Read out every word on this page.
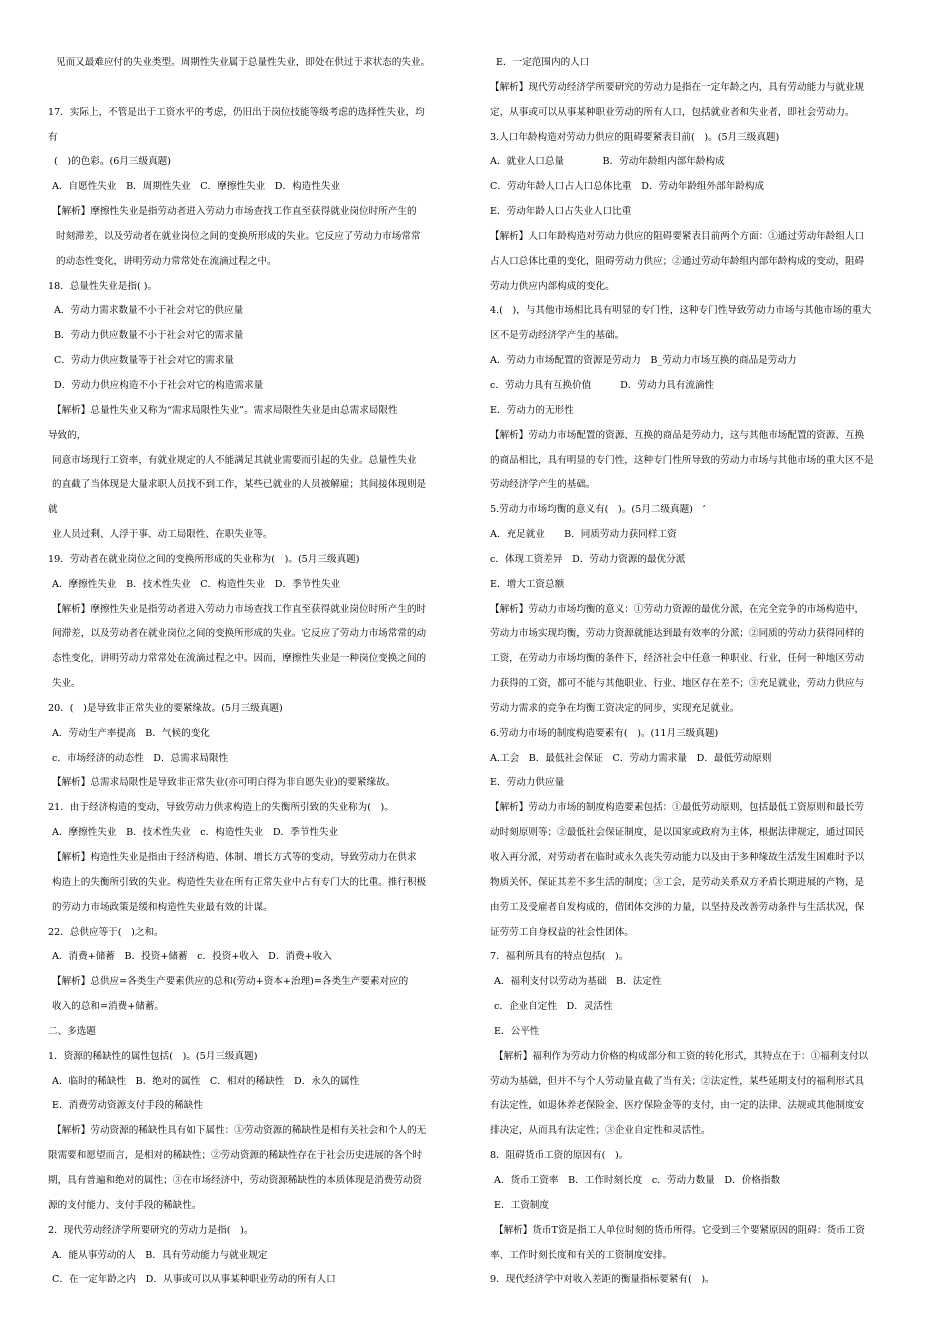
见而又最难应付的失业类型。周期性失业属于总量性失业，即处在供过于求状态的失业。
17．实际上，不管是出于工资水平的考虑，仍旧出于岗位技能等级考虑的选择性失业，均
有
(　)的色彩。(6月三级真题)
A．自愿性失业　B．周期性失业　C．摩擦性失业　D．构造性失业
【解析】摩擦性失业是指劳动者进入劳动力市场查找工作直至获得就业岗位时所产生的
时刻滞差，以及劳动者在就业岗位之间的变换所形成的失业。它反应了劳动力市场常常
的动态性变化，讲明劳动力常常处在流滴过程之中。
18．总量性失业是指( )。
A．劳动力需求数量不小于社会对它的供应量
B．劳动力供应数量不小于社会对它的需求量
C．劳动力供应数量等于社会对它的需求量
D．劳动力供应构造不小于社会对它的构造需求量
【解析】总量性失业又称为“需求局限性失业”。需求局限性失业是由总需求局限性
导致的，
同意市场现行工资率，有就业规定的人不能满足其就业需要而引起的失业。总量性失业
的直截了当体现是大量求职人员找不到工作，某些已就业的人员被解雇；其间接体现则是
就
业人员过剩、人浮于事、动工局限性、在职失业等。
19．劳动者在就业岗位之间的变换所形成的失业称为(　)。(5月三级真题)
A．摩擦性失业　B．技术性失业　C．构造性失业　D．季节性失业
【解析】摩擦性失业是指劳动者进入劳动力市场查找工作直至获得就业岗位时所产生的时
间滞差，以及劳动者在就业岗位之间的变换所形成的失业。它反应了劳动力市场常常的动
态性变化，讲明劳动力常常处在流滴过程之中。因而，摩擦性失业是一种岗位变换之间的
失业。
20．(　)是导致非正常失业的要紧缘故。(5月三级真题)
A．劳动生产率提高　B．气候的变化
c．市场经济的动态性　D．总需求局限性
【解析】总需求局限性是导致非正常失业(亦可明白得为非自愿失业)的要紧缘故。
21．由于经济构造的变动，导致劳动力供求构造上的失衡所引致的失业称为(　)。
A．摩擦性失业　B．技术性失业　c．构造性失业　D．季节性失业
【解析】构造性失业是指由于经济构造、体制、增长方式等的变动，导致劳动力在供求
构造上的失衡所引致的失业。构造性失业在所有正常失业中占有专门大的比重。推行积极
的劳动力市场政策是缓和构造性失业最有效的计谋。
22．总供应等于(　)之和。
A．消费+储蓄　B．投资+储蓄　c．投资+收入　D．消费+收入
【解析】总供应=各类生产要素供应的总和(劳动+资本+治理)=各类生产要素对应的
收入的总和=消费+储蓄。
二、多选题
1．资源的稀缺性的属性包括(　)。(5月三级真题)
A．临时的稀缺性　B．绝对的属性　C．相对的稀缺性　D．永久的属性
E．消费劳动资源支付手段的稀缺性
【解析】劳动资源的稀缺性具有如下属性：①劳动资源的稀缺性是相有关社会和个人的无
限需要和愿望而言，是相对的稀缺性；②劳动资源的稀缺性存在于社会历史进展的各个时
期，具有普遍和绝对的属性；③在市场经济中，劳动资源稀缺性的本质体现是消费劳动资
源的支付能力、支付手段的稀缺性。
2．现代劳动经济学所要研究的劳动力是指(　)。
A．能从事劳动的人　B．具有劳动能力与就业规定
C．在一定年龄之内　D．从事或可以从事某种职业劳动的所有人口
E．一定范围内的人口
【解析】现代劳动经济学所要研究的劳动力是指在一定年龄之内，具有劳动能力与就业规
定，从事或可以从事某种职业劳动的所有人口，包括就业者和失业者，即社会劳动力。
3.人口年龄构造对劳动力供应的阻碍要紧表目前(　)。(5月三级真题)
A．就业人口总量　　　　B．劳动年龄组内部年龄构成
C．劳动年龄人口占人口总体比重　D．劳动年龄组外部年龄构成
E．劳动年龄人口占失业人口比重
【解析】人口年龄构造对劳动力供应的阻碍要紧表目前两个方面：①通过劳动年龄组人口
占人口总体比重的变化，阻碍劳动力供应；②通过劳动年龄组内部年龄构成的变动，阻碍
劳动力供应内部构成的变化。
4.(　)，与其他市场相比具有明显的专门性，这种专门性导致劳动力市场与其他市场的重大
区不是劳动经济学产生的基础。
A．劳动力市场配置的资源是劳动力　B_劳动力市场互换的商品是劳动力
c．劳动力具有互换价值　　　D．劳动力具有流滴性
E．劳动力的无形性
【解析】劳动力市场配置的资源、互换的商品是劳动力，这与其他市场配置的资源、互换
的商品相比，具有明显的专门性，这种专门性所导致的劳动力市场与其他市场的重大区不是
劳动经济学产生的基础。
5.劳动力市场均衡的意义有(　)。(5月二级真题)　’
A．充足就业　　B．同质劳动力获同样工资
c．体现工资差异　D．劳动力资源的最优分派
E．增大工资总额
【解析】劳动力市场均衡的意义：①劳动力资源的最优分派，在完全竞争的市场构造中，
劳动力市场实现均衡，劳动力资源就能达到最有效率的分派；②同质的劳动力获得同样的
工资，在劳动力市场均衡的条件下，经济社会中任意一种职业、行业，任何一种地区劳动
力获得的工资，都可不能与其他职业、行业、地区存在差不；③充足就业，劳动力供应与
劳动力需求的竞争在均衡工资决定的同步，实现充足就业。
6.劳动力市场的制度构造要素有(　)。(11月三级真题)
A.工会　B．最低社会保证　C．劳动力需求量　D．最低劳动原则
E．劳动力供应量
【解析】劳动力市场的制度构造要素包括：①最低劳动原则，包括最低工资原则和最长劳
动时刻原则等；②最低社会保证制度，是以国家或政府为主体，根据法律规定，通过国民
收入再分派，对劳动者在临时或永久丧失劳动能力以及由于多种缘故生活发生困难时予以
物质关怀，保证其差不多生活的制度；③工会，是劳动关系双方矛盾长期进展的产物，是
由劳工及受雇者自发构成的，借团体交涉的力量，以坚持及改善劳动条件与生活状况，保
证劳劳工自身权益的社会性团体。
7．福利所具有的特点包括(　)。
A．福利支付以劳动为基础　B．法定性
c．企业自定性　D．灵活性
E．公平性
【解析】福利作为劳动力价格的构成部分和工资的转化形式，其特点在于：①福利支付以
劳动为基础，但并不与个人劳动量直截了当有关；②法定性，某些延期支付的福利形式具
有法定性，如退休养老保险金、医疗保险金等的支付，由一定的法律、法规或其他制度安
排决定，从而具有法定性；③企业自定性和灵活性。
8．阻碍货币工资的原因有(　)。
A．货币工资率　B．工作时刻长度　c．劳动力数量　D．价格指数
E．工资制度
【解析】货币T资是指工人单位时刻的货币所得。它受到三个要紧原因的阻碍：货币工资
率、工作时刻长度和有关的工资制度安排。
9．现代经济学中对收入差距的衡量指标要紧有(　)。
